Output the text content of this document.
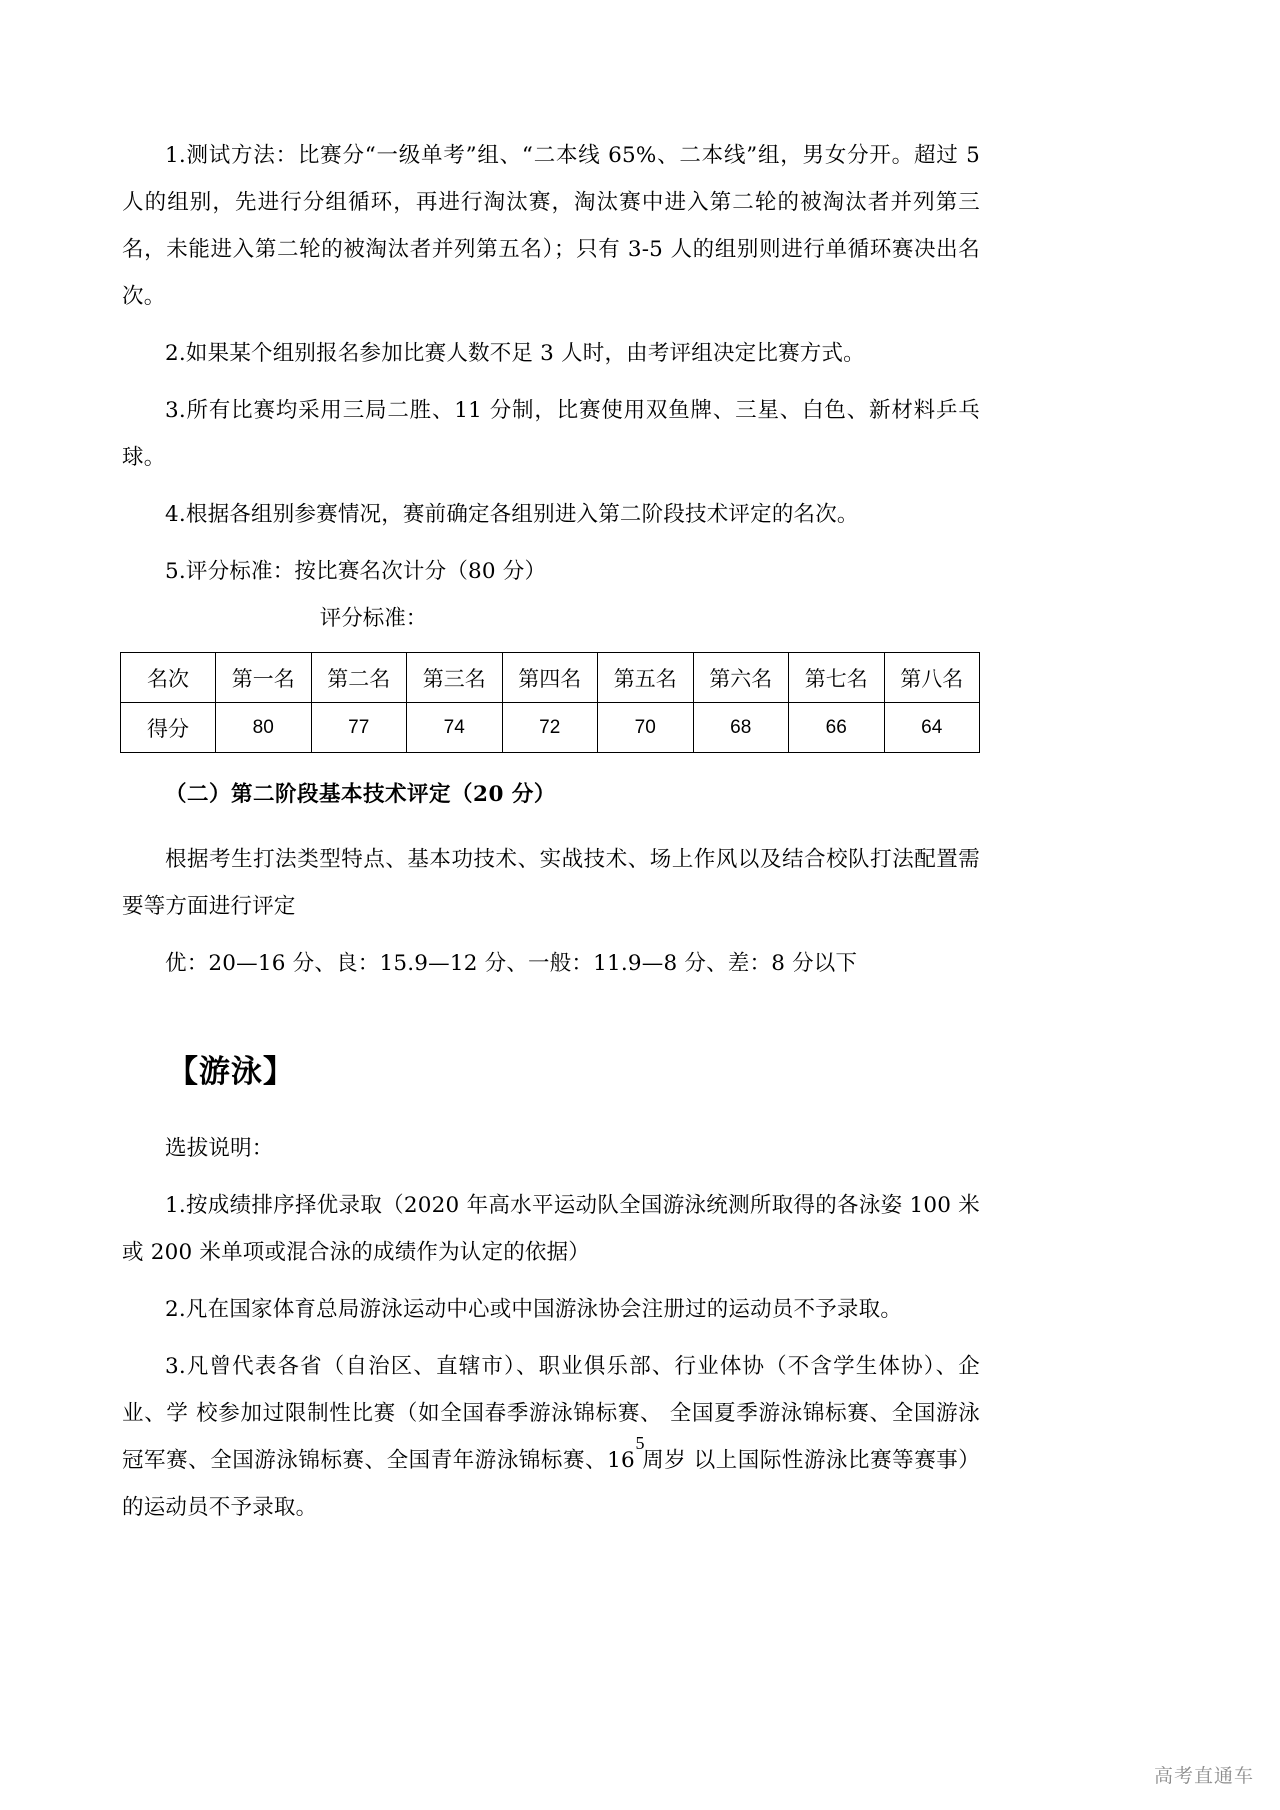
1.测试方法：比赛分“一级单考”组、“二本线 65%、二本线”组，男女分开。超过 5 人的组别，先进行分组循环，再进行淘汰赛，淘汰赛中进入第二轮的被淘汰者并列第三名，未能进入第二轮的被淘汰者并列第五名）；只有 3-5 人的组别则进行单循环赛决出名次。

2.如果某个组别报名参加比赛人数不足 3 人时，由考评组决定比赛方式。

3.所有比赛均采用三局二胜、11 分制，比赛使用双鱼牌、三星、白色、新材料乒乓球。

4.根据各组别参赛情况，赛前确定各组别进入第二阶段技术评定的名次。

5.评分标准：按比赛名次计分（80 分）

评分标准：

名次	第一名	第二名	第三名	第四名	第五名	第六名	第七名	第八名
得分	80	77	74	72	70	68	66	64

（二）第二阶段基本技术评定（20 分）

根据考生打法类型特点、基本功技术、实战技术、场上作风以及结合校队打法配置需要等方面进行评定

优：20—16 分、良：15.9—12 分、一般：11.9—8 分、差：8 分以下

【游泳】

选拔说明：

1.按成绩排序择优录取（2020 年高水平运动队全国游泳统测所取得的各泳姿 100 米或 200 米单项或混合泳的成绩作为认定的依据）

2.凡在国家体育总局游泳运动中心或中国游泳协会注册过的运动员不予录取。

3.凡曾代表各省（自治区、直辖市）、职业俱乐部、行业体协（不含学生体协）、企业、学 校参加过限制性比赛（如全国春季游泳锦标赛、 全国夏季游泳锦标赛、全国游泳冠军赛、全国游泳锦标赛、全国青年游泳锦标赛、16 周岁 以上国际性游泳比赛等赛事）的运动员不予录取。

5
高考直通车
